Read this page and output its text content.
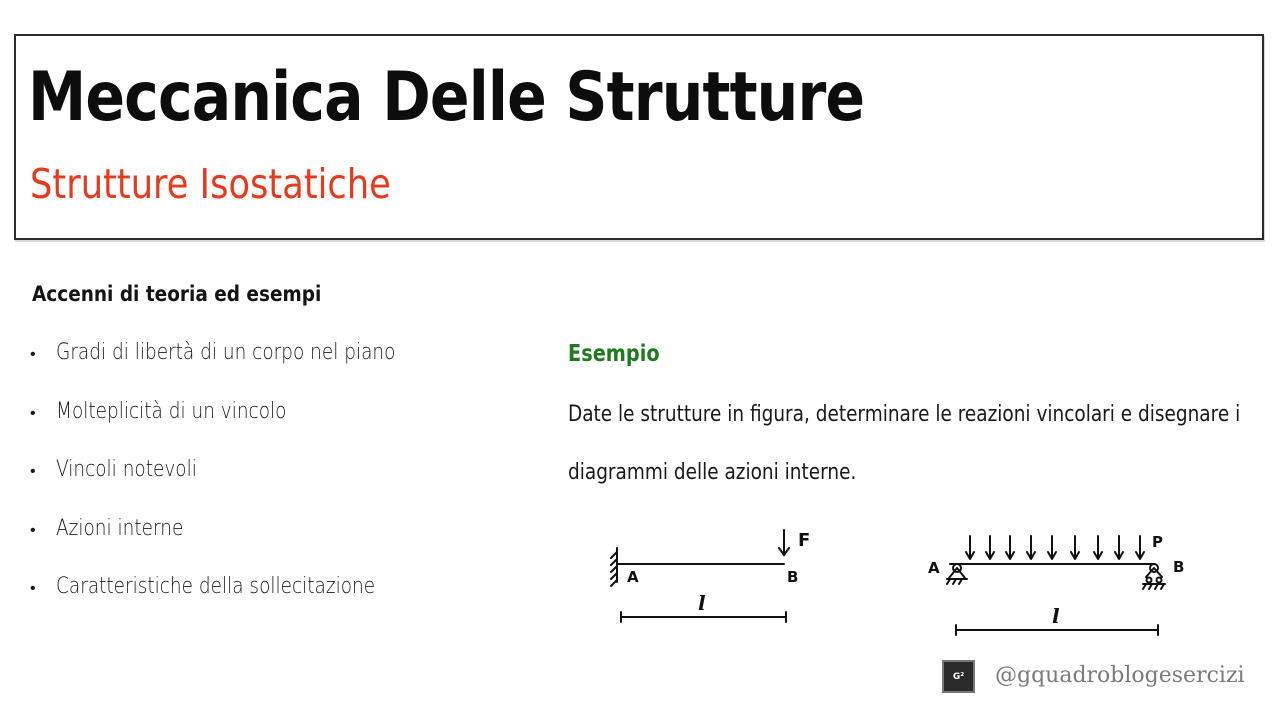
Meccanica Delle Strutture
Strutture Isostatiche
Accenni di teoria ed esempi
• Gradi di libertà di un corpo nel piano
• Molteplicità di un vincolo
• Vincoli notevoli
• Azioni interne
• Caratteristiche della sollecitazione
Esempio
Date le strutture in figura, determinare le reazioni vincolari e disegnare i
diagrammi delle azioni interne.
A	B
F
l
A	B
P
l
G² @gquadroblogesercizi
